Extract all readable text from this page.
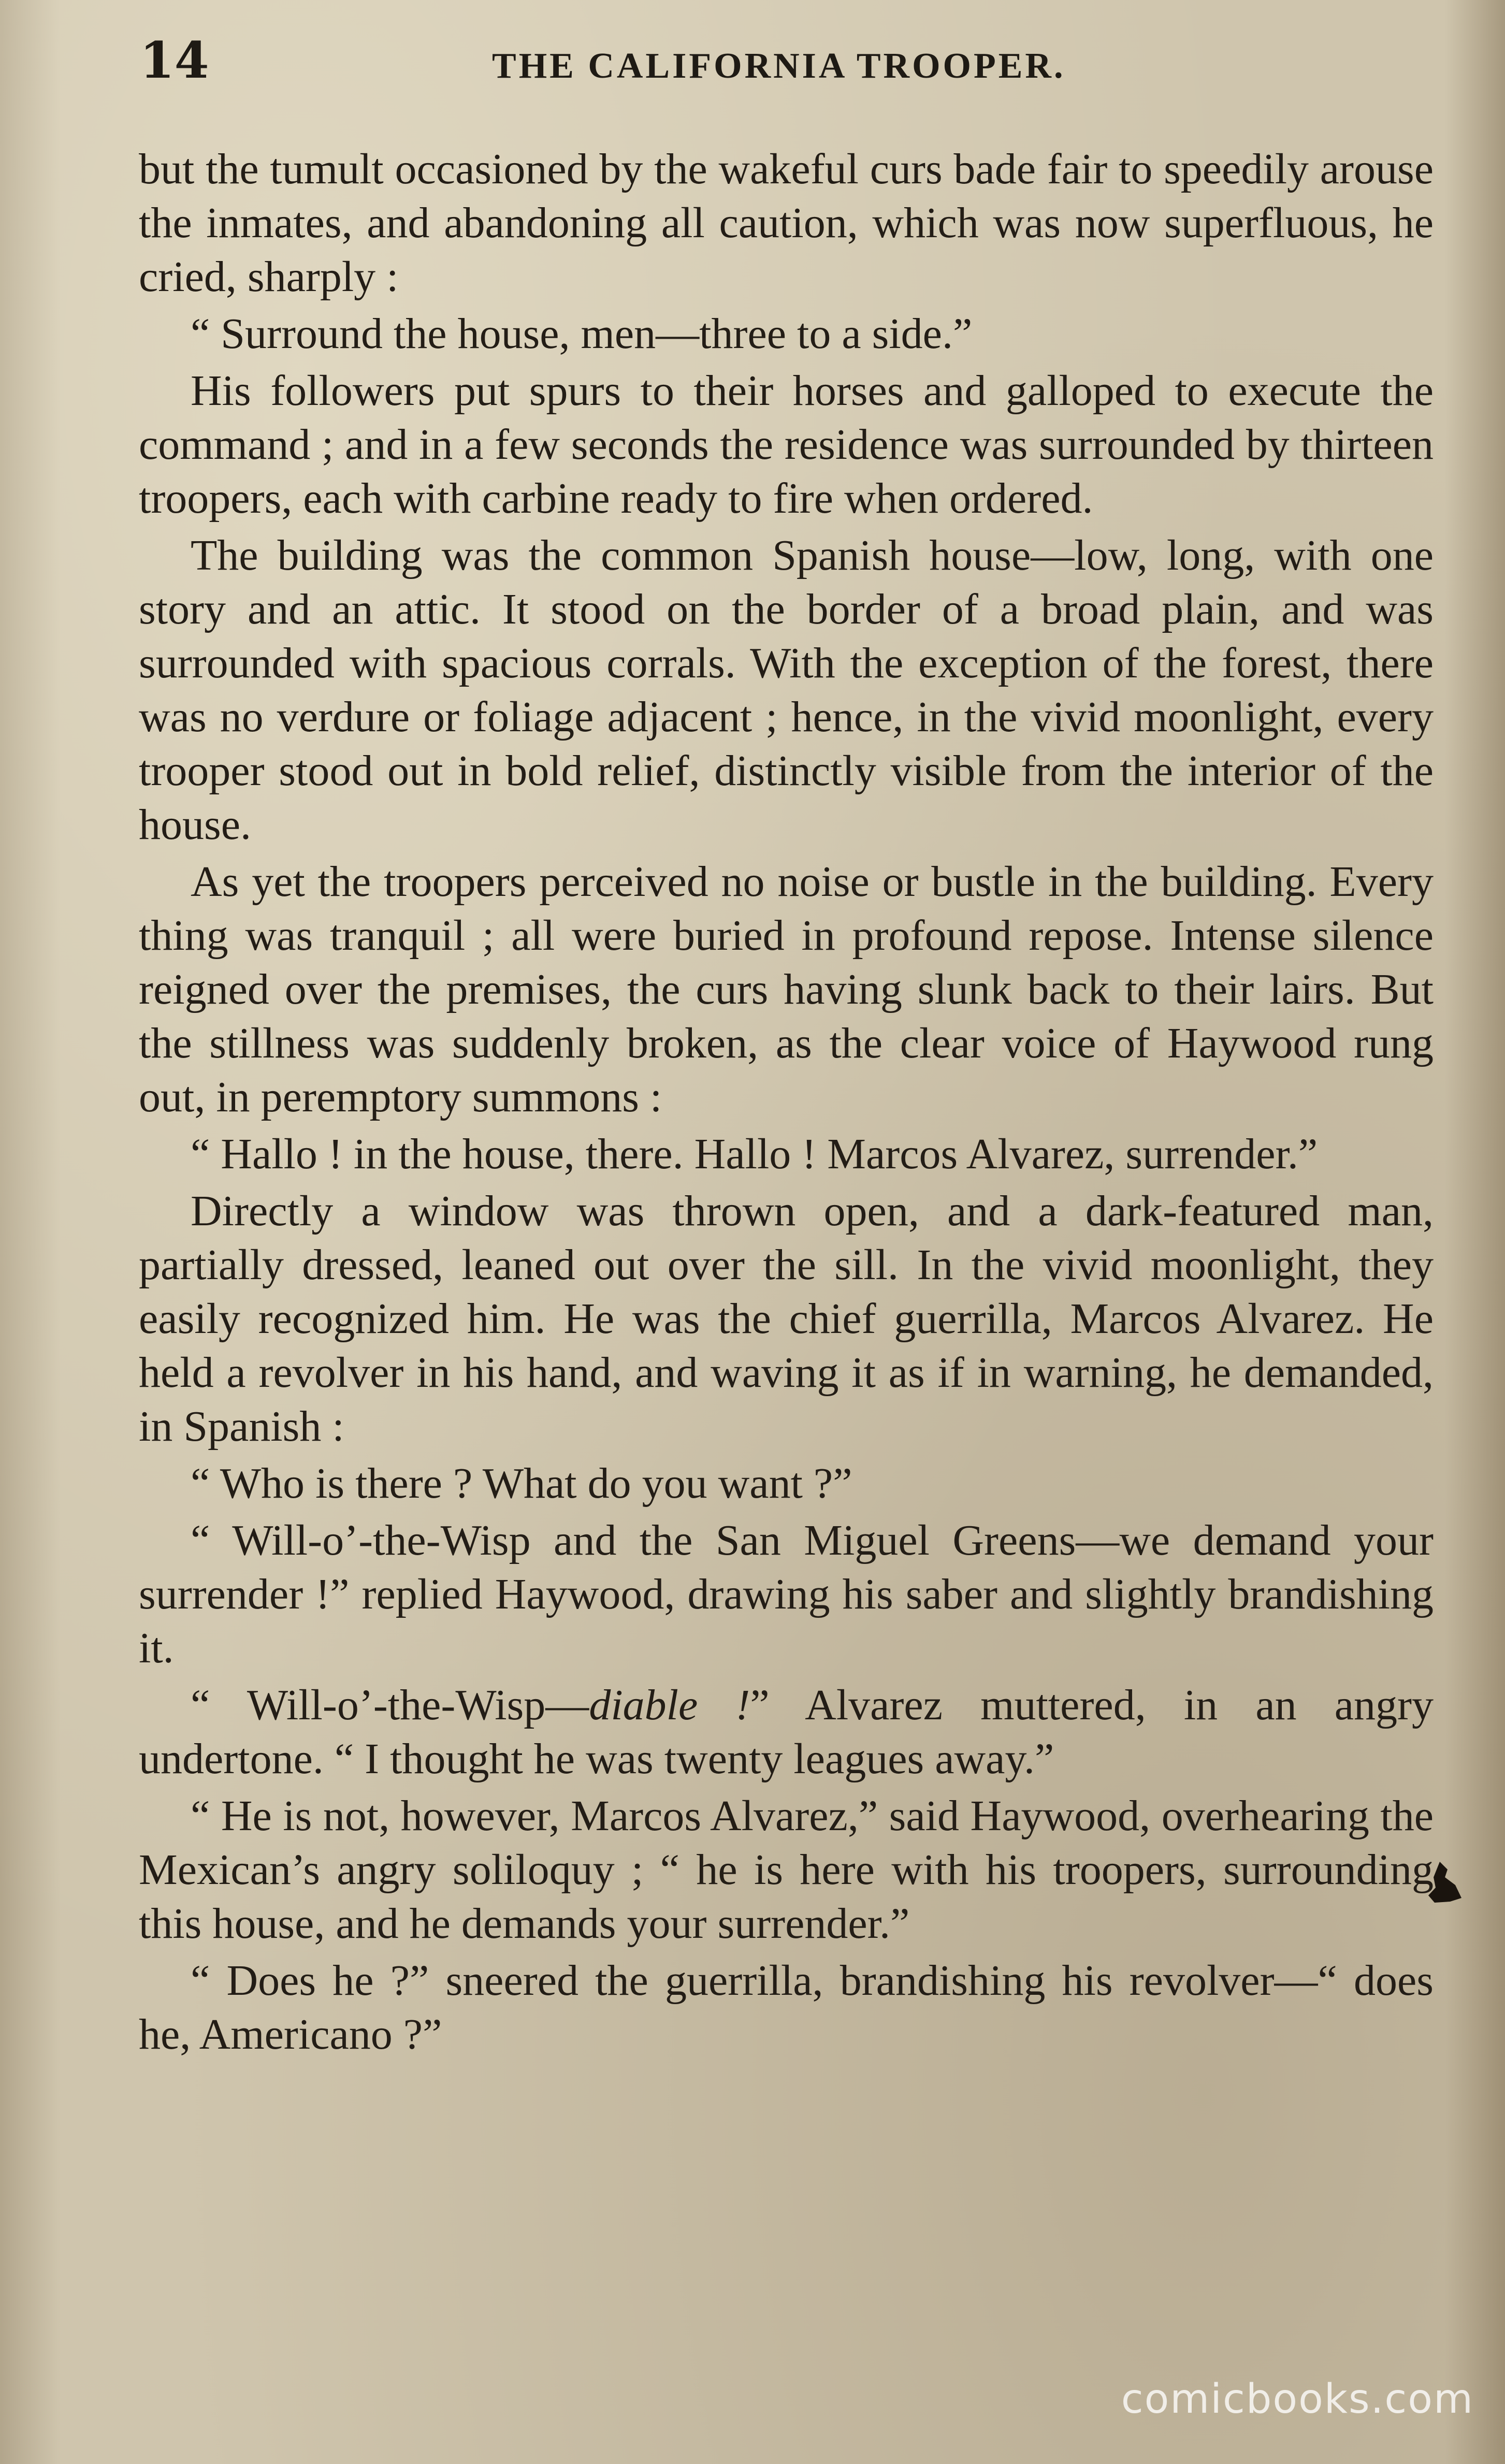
14	THE CALIFORNIA TROOPER.

but the tumult occasioned by the wakeful curs bade fair to speedily arouse the inmates, and abandoning all caution, which was now superfluous, he cried, sharply :

“ Surround the house, men—three to a side.”

His followers put spurs to their horses and galloped to execute the command ; and in a few seconds the residence was surrounded by thirteen troopers, each with carbine ready to fire when ordered.

The building was the common Spanish house—low, long, with one story and an attic. It stood on the border of a broad plain, and was surrounded with spacious corrals. With the exception of the forest, there was no verdure or foliage adjacent ; hence, in the vivid moonlight, every trooper stood out in bold relief, distinctly visible from the interior of the house.

As yet the troopers perceived no noise or bustle in the building. Every thing was tranquil ; all were buried in profound repose. Intense silence reigned over the premises, the curs having slunk back to their lairs. But the stillness was suddenly broken, as the clear voice of Haywood rung out, in peremptory summons :

“ Hallo ! in the house, there. Hallo ! Marcos Alvarez, surrender.”

Directly a window was thrown open, and a dark-featured man, partially dressed, leaned out over the sill. In the vivid moonlight, they easily recognized him. He was the chief guerrilla, Marcos Alvarez. He held a revolver in his hand, and waving it as if in warning, he demanded, in Spanish :

“ Who is there ? What do you want ?”

“ Will-o’-the-Wisp and the San Miguel Greens—we demand your surrender !” replied Haywood, drawing his saber and slightly brandishing it.

“ Will-o’-the-Wisp—diable !” Alvarez muttered, in an angry undertone. “ I thought he was twenty leagues away.”

“ He is not, however, Marcos Alvarez,” said Haywood, overhearing the Mexican’s angry soliloquy ; “ he is here with his troopers, surrounding this house, and he demands your surrender.”

“ Does he ?” sneered the guerrilla, brandishing his revolver—“ does he, Americano ?”

comicbooks.com
